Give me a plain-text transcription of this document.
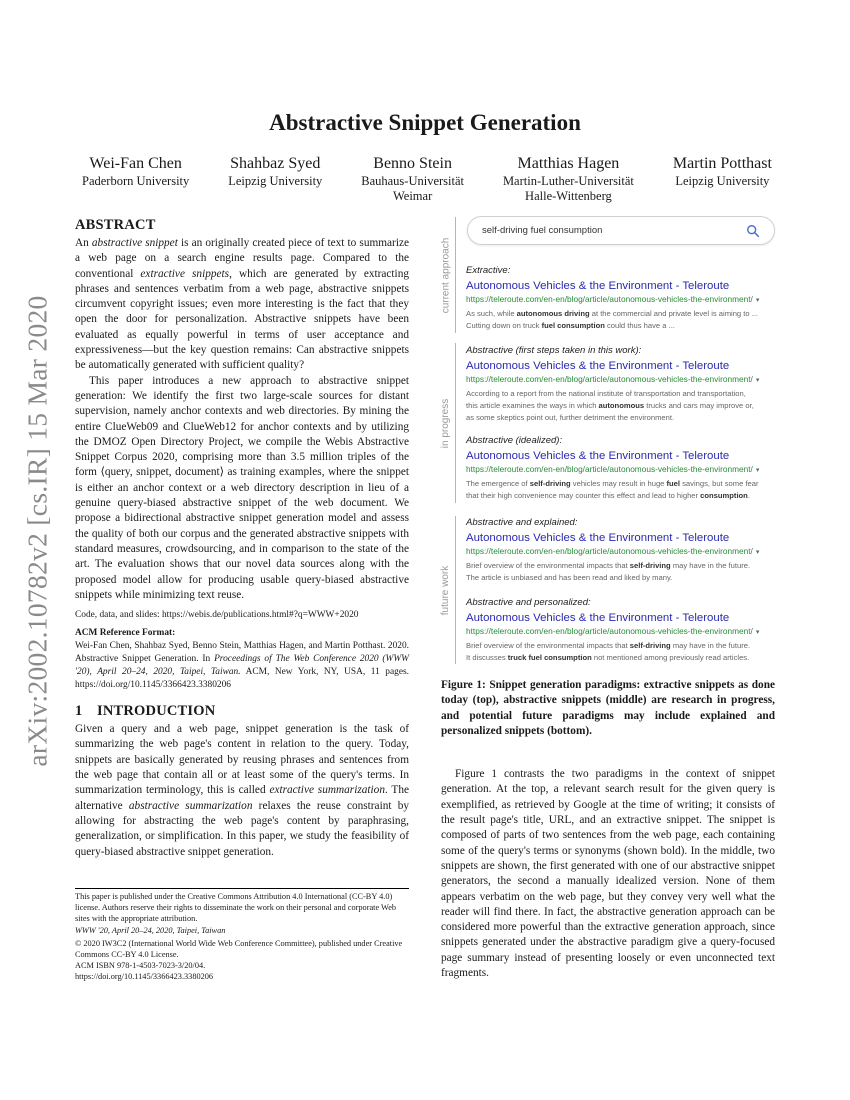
arXiv:2002.10782v2 [cs.IR] 15 Mar 2020
Abstractive Snippet Generation
Wei-Fan Chen
Paderborn University
Shahbaz Syed
Leipzig University
Benno Stein
Bauhaus-Universität
Weimar
Matthias Hagen
Martin-Luther-Universität
Halle-Wittenberg
Martin Potthast
Leipzig University
ABSTRACT

An abstractive snippet is an originally created piece of text to summarize a web page on a search engine results page. Compared to the conventional extractive snippets, which are generated by extracting phrases and sentences verbatim from a web page, abstractive snippets circumvent copyright issues; even more interesting is the fact that they open the door for personalization. Abstractive snippets have been evaluated as equally powerful in terms of user acceptance and expressiveness—but the key question remains: Can abstractive snippets be automatically generated with sufficient quality?

This paper introduces a new approach to abstractive snippet generation: We identify the first two large-scale sources for distant supervision, namely anchor contexts and web directories. By mining the entire ClueWeb09 and ClueWeb12 for anchor contexts and by utilizing the DMOZ Open Directory Project, we compile the Webis Abstractive Snippet Corpus 2020, comprising more than 3.5 million triples of the form ⟨query, snippet, document⟩ as training examples, where the snippet is either an anchor context or a web directory description in lieu of a genuine query-biased abstractive snippet of the web document. We propose a bidirectional abstractive snippet generation model and assess the quality of both our corpus and the generated abstractive snippets with standard measures, crowdsourcing, and in comparison to the state of the art. The evaluation shows that our novel data sources along with the proposed model allow for producing usable query-biased abstractive snippets while minimizing text reuse.

Code, data, and slides: https://webis.de/publications.html#?q=WWW+2020

ACM Reference Format:

Wei-Fan Chen, Shahbaz Syed, Benno Stein, Matthias Hagen, and Martin Potthast. 2020. Abstractive Snippet Generation. In Proceedings of The Web Conference 2020 (WWW '20), April 20–24, 2020, Taipei, Taiwan. ACM, New York, NY, USA, 11 pages. https://doi.org/10.1145/3366423.3380206

1 INTRODUCTION

Given a query and a web page, snippet generation is the task of summarizing the web page's content in relation to the query. Today, snippets are basically generated by reusing phrases and sentences from the web page that contain all or at least some of the query's terms. In summarization terminology, this is called extractive summarization. The alternative abstractive summarization relaxes the reuse constraint by allowing for abstracting the web page's content by paraphrasing, generalization, or simplification. In this paper, we study the feasibility of query-biased abstractive snippet generation.

This paper is published under the Creative Commons Attribution 4.0 International (CC-BY 4.0) license. Authors reserve their rights to disseminate the work on their personal and corporate Web sites with the appropriate attribution.

WWW '20, April 20–24, 2020, Taipei, Taiwan

© 2020 IW3C2 (International World Wide Web Conference Committee), published under Creative Commons CC-BY 4.0 License.

ACM ISBN 978-1-4503-7023-3/20/04.

https://doi.org/10.1145/3366423.3380206

current approach
in progress
future work
self-driving fuel consumption
Extractive:
Autonomous Vehicles & the Environment - Teleroute
https://teleroute.com/en-en/blog/article/autonomous-vehicles-the-environment/ ▾
As such, while autonomous driving at the commercial and private level is aiming to ...
Cutting down on truck fuel consumption could thus have a ...
Abstractive (first steps taken in this work):
Autonomous Vehicles & the Environment - Teleroute
https://teleroute.com/en-en/blog/article/autonomous-vehicles-the-environment/ ▾
According to a report from the national institute of transportation and transportation,
this article examines the ways in which autonomous trucks and cars may improve or,
as some skeptics point out, further detriment the environment.
Abstractive (idealized):
Autonomous Vehicles & the Environment - Teleroute
https://teleroute.com/en-en/blog/article/autonomous-vehicles-the-environment/ ▾
The emergence of self-driving vehicles may result in huge fuel savings, but some fear
that their high convenience may counter this effect and lead to higher consumption.
Abstractive and explained:
Autonomous Vehicles & the Environment - Teleroute
https://teleroute.com/en-en/blog/article/autonomous-vehicles-the-environment/ ▾
Brief overview of the environmental impacts that self-driving may have in the future.
The article is unbiased and has been read and liked by many.
Abstractive and personalized:
Autonomous Vehicles & the Environment - Teleroute
https://teleroute.com/en-en/blog/article/autonomous-vehicles-the-environment/ ▾
Brief overview of the environmental impacts that self-driving may have in the future.
It discusses truck fuel consumption not mentioned among previously read articles.

Figure 1: Snippet generation paradigms: extractive snippets as done today (top), abstractive snippets (middle) are research in progress, and potential future paradigms may include explained and personalized snippets (bottom).

Figure 1 contrasts the two paradigms in the context of snippet generation. At the top, a relevant search result for the given query is exemplified, as retrieved by Google at the time of writing; it consists of the result page's title, URL, and an extractive snippet. The snippet is composed of parts of two sentences from the web page, each containing some of the query's terms or synonyms (shown bold). In the middle, two snippets are shown, the first generated with one of our abstractive snippet generators, the second a manually idealized version. None of them appears verbatim on the web page, but they convey very well what the reader will find there. In fact, the abstractive generation approach can be considered more powerful than the extractive generation approach, since snippets generated under the abstractive paradigm give a query-focused page summary instead of presenting loosely or even unconnected text fragments.
